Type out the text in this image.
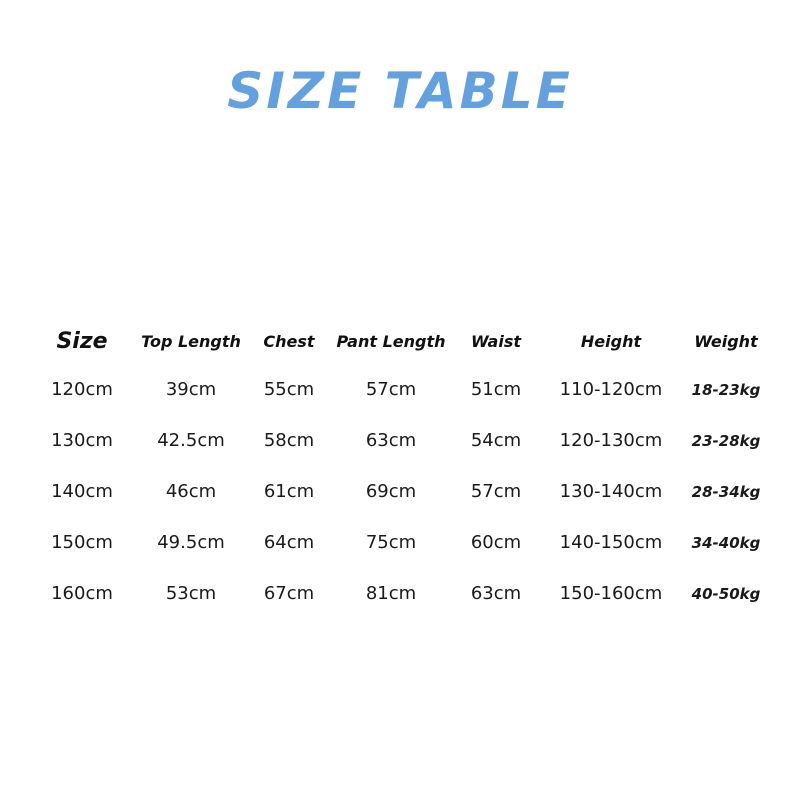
SIZE TABLE
Size	Top Length	Chest	Pant Length	Waist	Height	Weight
120cm	39cm	55cm	57cm	51cm	110-120cm	18-23kg
130cm	42.5cm	58cm	63cm	54cm	120-130cm	23-28kg
140cm	46cm	61cm	69cm	57cm	130-140cm	28-34kg
150cm	49.5cm	64cm	75cm	60cm	140-150cm	34-40kg
160cm	53cm	67cm	81cm	63cm	150-160cm	40-50kg
